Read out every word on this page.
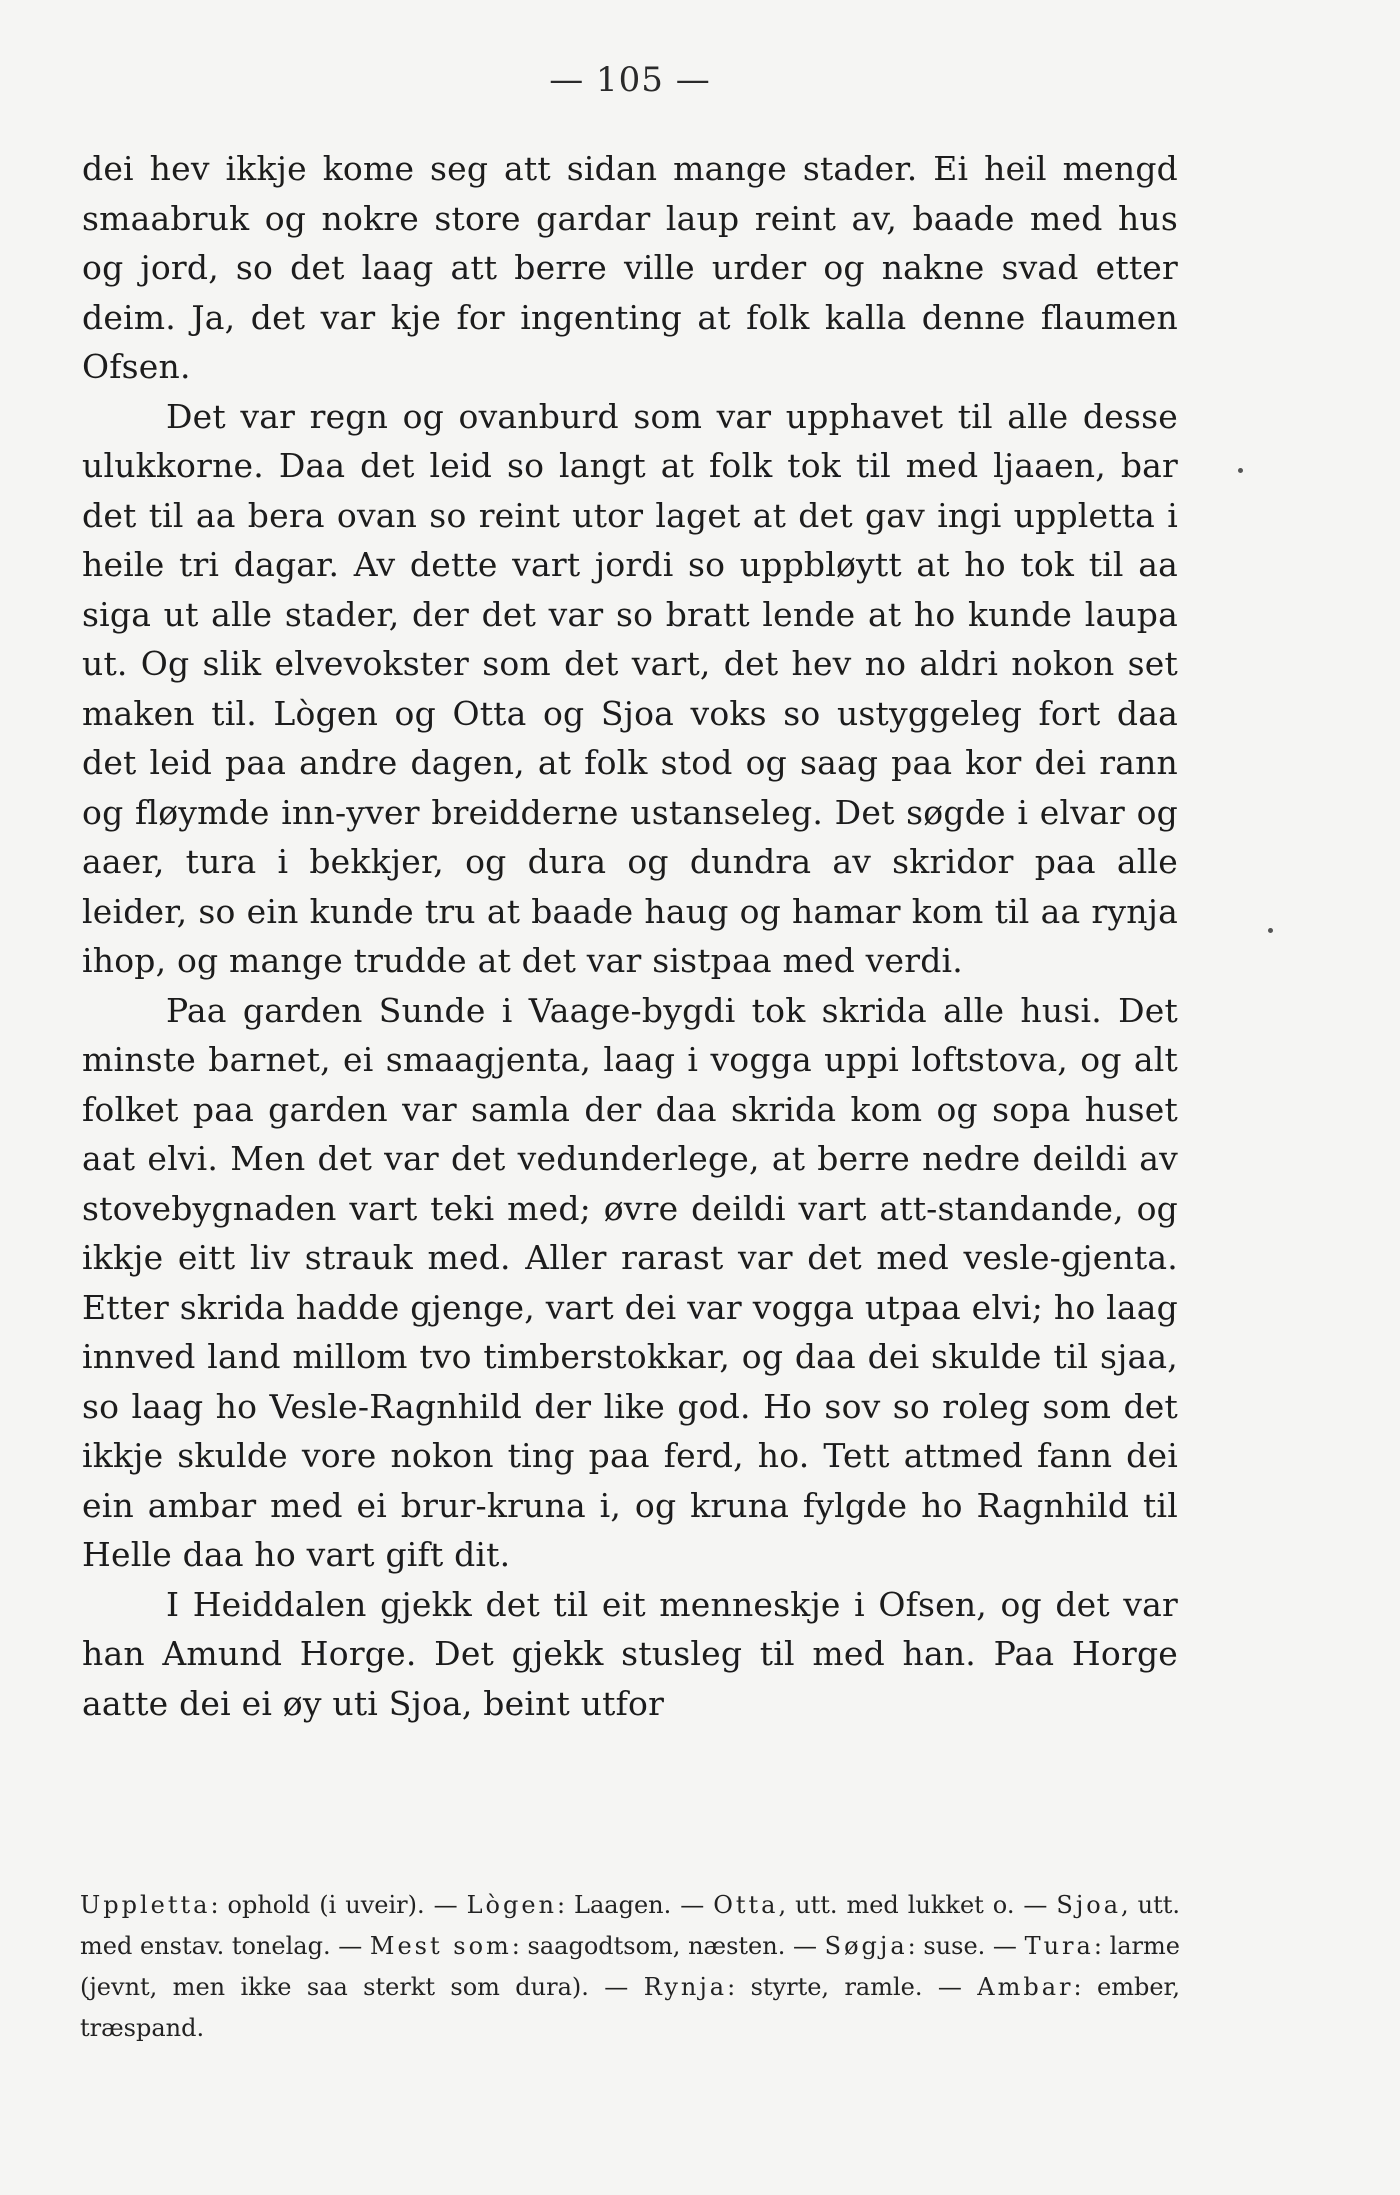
— 105 —

dei hev ikkje kome seg att sidan mange stader. Ei heil mengd smaabruk og nokre store gardar laup reint av, baade med hus og jord, so det laag att berre ville urder og nakne svad etter deim. Ja, det var kje for ingenting at folk kalla denne flaumen Ofsen.

Det var regn og ovanburd som var upphavet til alle desse ulukkorne. Daa det leid so langt at folk tok til med ljaaen, bar det til aa bera ovan so reint utor laget at det gav ingi uppletta i heile tri dagar. Av dette vart jordi so uppbløytt at ho tok til aa siga ut alle stader, der det var so bratt lende at ho kunde laupa ut. Og slik elvevokster som det vart, det hev no aldri nokon set maken til. Lògen og Otta og Sjoa voks so ustyggeleg fort daa det leid paa andre dagen, at folk stod og saag paa kor dei rann og fløymde inn-yver breidderne ustanseleg. Det søgde i elvar og aaer, tura i bekkjer, og dura og dundra av skridor paa alle leider, so ein kunde tru at baade haug og hamar kom til aa rynja ihop, og mange trudde at det var sistpaa med verdi.

Paa garden Sunde i Vaage-bygdi tok skrida alle husi. Det minste barnet, ei smaagjenta, laag i vogga uppi loftstova, og alt folket paa garden var samla der daa skrida kom og sopa huset aat elvi. Men det var det vedunderlege, at berre nedre deildi av stovebygnaden vart teki med; øvre deildi vart att-standande, og ikkje eitt liv strauk med. Aller rarast var det med vesle-gjenta. Etter skrida hadde gjenge, vart dei var vogga utpaa elvi; ho laag innved land millom tvo timberstokkar, og daa dei skulde til sjaa, so laag ho Vesle-Ragnhild der like god. Ho sov so roleg som det ikkje skulde vore nokon ting paa ferd, ho. Tett attmed fann dei ein ambar med ei brur-kruna i, og kruna fylgde ho Ragnhild til Helle daa ho vart gift dit.

I Heiddalen gjekk det til eit menneskje i Ofsen, og det var han Amund Horge. Det gjekk stusleg til med han. Paa Horge aatte dei ei øy uti Sjoa, beint utfor

Uppletta: ophold (i uveir). — Lògen: Laagen. — Otta, utt. med lukket o. — Sjoa, utt. med enstav. tonelag. — Mest som: saagodtsom, næsten. — Søgja: suse. — Tura: larme (jevnt, men ikke saa sterkt som dura). — Rynja: styrte, ramle. — Ambar: ember, træspand.
